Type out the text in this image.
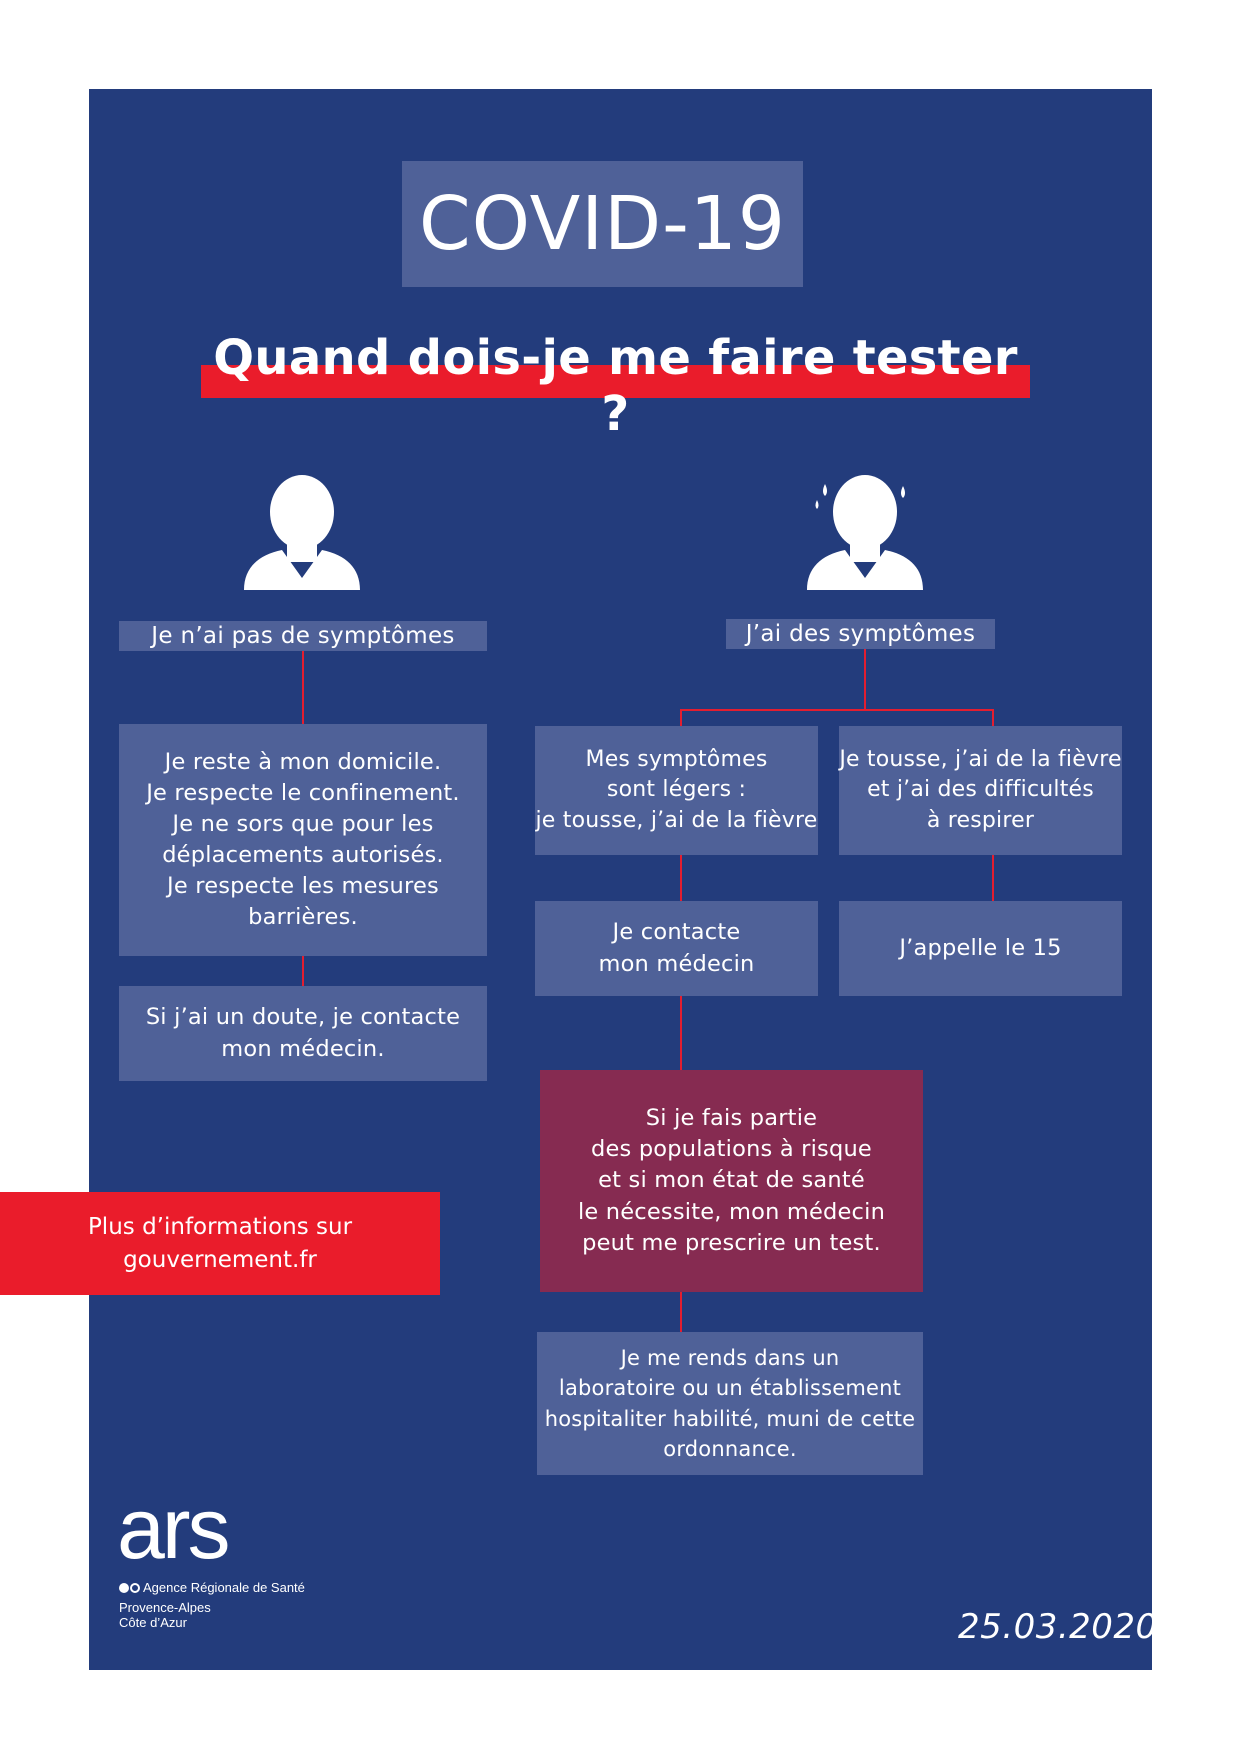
COVID-19
Quand dois-je me faire tester ?
Je n’ai pas de symptômes	J’ai des symptômes
Je reste à mon domicile.
Je respecte le confinement.
Je ne sors que pour les
déplacements autorisés.
Je respecte les mesures
barrières.
Si j’ai un doute, je contacte
mon médecin.
Mes symptômes
sont légers :
je tousse, j’ai de la fièvre
Je tousse, j’ai de la fièvre
et j’ai des difficultés
à respirer
Je contacte
mon médecin
J’appelle le 15
Si je fais partie
des populations à risque
et si mon état de santé
le nécessite, mon médecin
peut me prescrire un test.
Je me rends dans un
laboratoire ou un établissement
hospitaliter habilité, muni de cette
ordonnance.
Plus d’informations sur
gouvernement.fr
ars
Agence Régionale de Santé
Provence-Alpes
Côte d’Azur	25.03.2020
